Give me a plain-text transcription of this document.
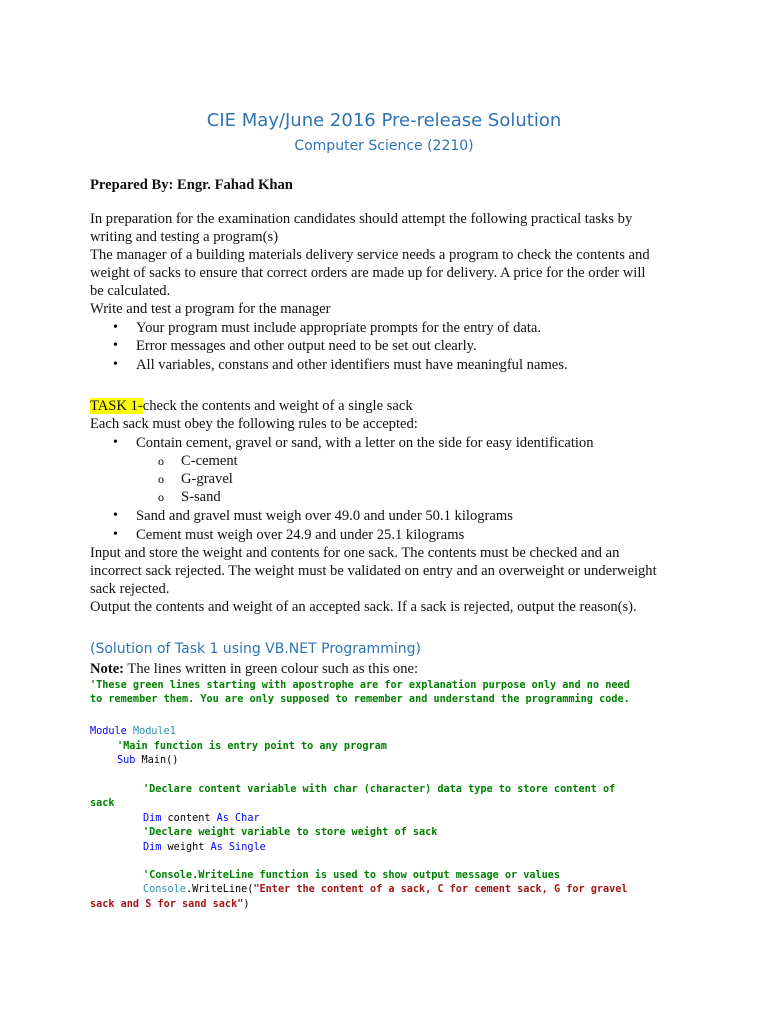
CIE May/June 2016 Pre-release Solution
Computer Science (2210)
Prepared By: Engr. Fahad Khan
In preparation for the examination candidates should attempt the following practical tasks by
writing and testing a program(s)
The manager of a building materials delivery service needs a program to check the contents and
weight of sacks to ensure that correct orders are made up for delivery. A price for the order will
be calculated.
Write and test a program for the manager
• Your program must include appropriate prompts for the entry of data.
• Error messages and other output need to be set out clearly.
• All variables, constans and other identifiers must have meaningful names.
TASK 1-check the contents and weight of a single sack
Each sack must obey the following rules to be accepted:
• Contain cement, gravel or sand, with a letter on the side for easy identification
o C-cement
o G-gravel
o S-sand
• Sand and gravel must weigh over 49.0 and under 50.1 kilograms
• Cement must weigh over 24.9 and under 25.1 kilograms
Input and store the weight and contents for one sack. The contents must be checked and an
incorrect sack rejected. The weight must be validated on entry and an overweight or underweight
sack rejected.
Output the contents and weight of an accepted sack. If a sack is rejected, output the reason(s).
(Solution of Task 1 using VB.NET Programming)
Note: The lines written in green colour such as this one:
'These green lines starting with apostrophe are for explanation purpose only and no need
to remember them. You are only supposed to remember and understand the programming code.
Module Module1
'Main function is entry point to any program
Sub Main()
'Declare content variable with char (character) data type to store content of
sack
Dim content As Char
'Declare weight variable to store weight of sack
Dim weight As Single
'Console.WriteLine function is used to show output message or values
Console.WriteLine("Enter the content of a sack, C for cement sack, G for gravel
sack and S for sand sack")
